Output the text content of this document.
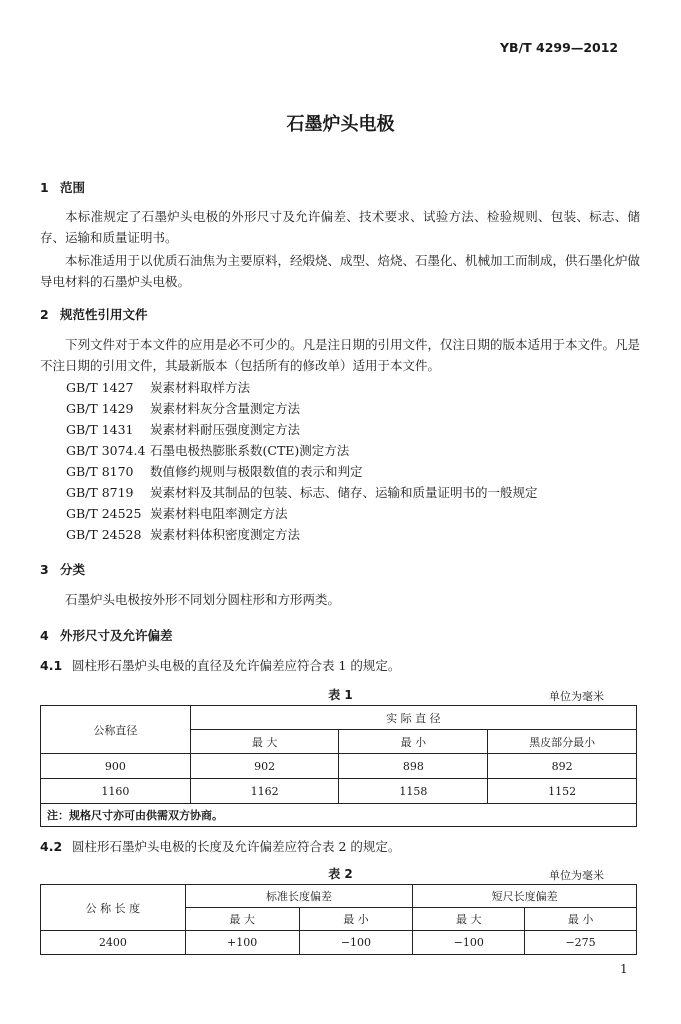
YB/T 4299—2012
石墨炉头电极
1 范围
本标准规定了石墨炉头电极的外形尺寸及允许偏差、技术要求、试验方法、检验规则、包装、标志、储存、运输和质量证明书。
本标准适用于以优质石油焦为主要原料，经煅烧、成型、焙烧、石墨化、机械加工而制成，供石墨化炉做导电材料的石墨炉头电极。
2 规范性引用文件
下列文件对于本文件的应用是必不可少的。凡是注日期的引用文件，仅注日期的版本适用于本文件。凡是不注日期的引用文件，其最新版本（包括所有的修改单）适用于本文件。
GB/T 1427 炭素材料取样方法
GB/T 1429 炭素材料灰分含量测定方法
GB/T 1431 炭素材料耐压强度测定方法
GB/T 3074.4 石墨电极热膨胀系数(CTE)测定方法
GB/T 8170 数值修约规则与极限数值的表示和判定
GB/T 8719 炭素材料及其制品的包装、标志、储存、运输和质量证明书的一般规定
GB/T 24525 炭素材料电阻率测定方法
GB/T 24528 炭素材料体积密度测定方法
3 分类
石墨炉头电极按外形不同划分圆柱形和方形两类。
4 外形尺寸及允许偏差
4.1 圆柱形石墨炉头电极的直径及允许偏差应符合表 1 的规定。
表 1	单位为毫米
公称直径	实 际 直 径		
	最 大	最 小	黑皮部分最小
900	902	898	892
1160	1162	1158	1152
注：规格尺寸亦可由供需双方协商。			
4.2 圆柱形石墨炉头电极的长度及允许偏差应符合表 2 的规定。
表 2	单位为毫米
公 称 长 度	标准长度偏差		短尺长度偏差	
	最 大	最 小	最 大	最 小
2400	+100	−100	−100	−275
1
